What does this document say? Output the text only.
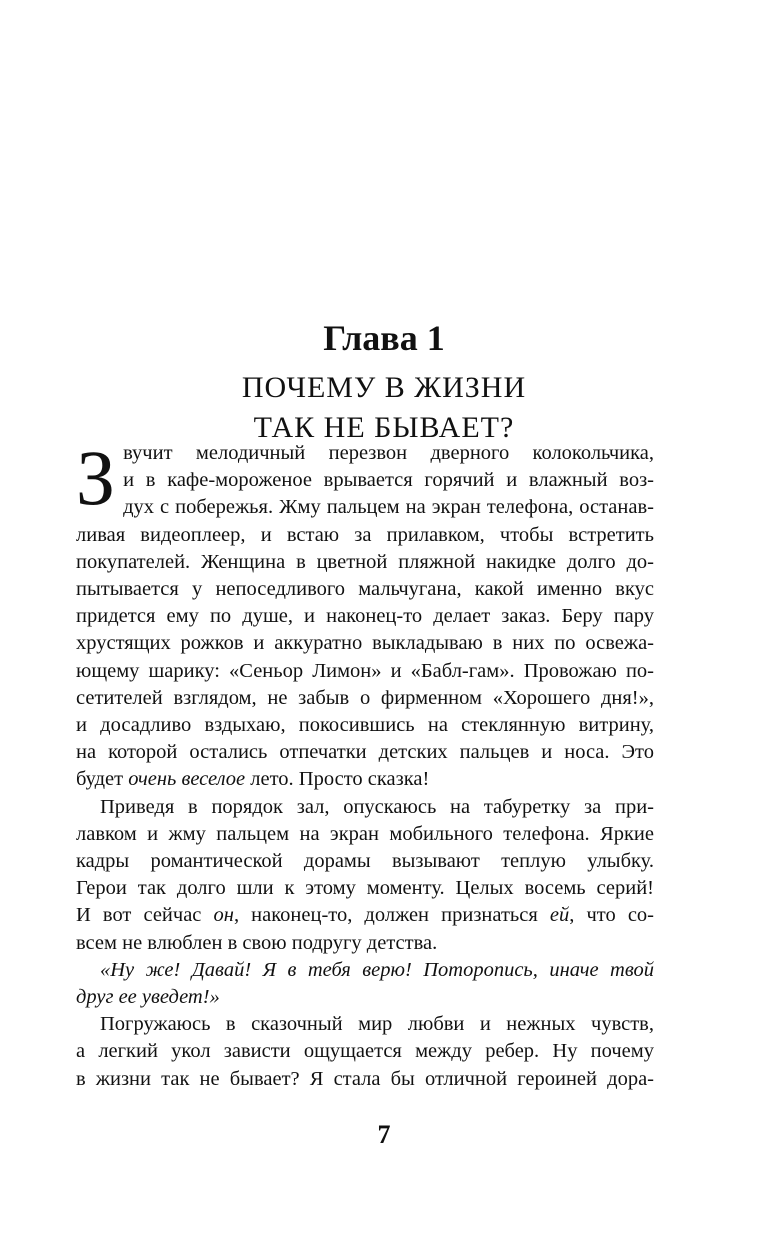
Глава 1
ПОЧЕМУ В ЖИЗНИ
ТАК НЕ БЫВАЕТ?

З вучит мелодичный перезвон дверного колокольчика,
и в кафе-мороженое врывается горячий и влажный воз-
дух с побережья. Жму пальцем на экран телефона, останав-
ливая видеоплеер, и встаю за прилавком, чтобы встретить
покупателей. Женщина в цветной пляжной накидке долго до-
пытывается у непоседливого мальчугана, какой именно вкус
придется ему по душе, и наконец-то делает заказ. Беру пару
хрустящих рожков и аккуратно выкладываю в них по освежа-
ющему шарику: «Сеньор Лимон» и «Бабл-гам». Провожаю по-
сетителей взглядом, не забыв о фирменном «Хорошего дня!»,
и досадливо вздыхаю, покосившись на стеклянную витрину,
на которой остались отпечатки детских пальцев и носа. Это
будет очень веселое лето. Просто сказка!

Приведя в порядок зал, опускаюсь на табуретку за при-
лавком и жму пальцем на экран мобильного телефона. Яркие
кадры романтической дорамы вызывают теплую улыбку.
Герои так долго шли к этому моменту. Целых восемь серий!
И вот сейчас он, наконец-то, должен признаться ей, что со-
всем не влюблен в свою подругу детства.

«Ну же! Давай! Я в тебя верю! Поторопись, иначе твой
друг ее уведет!»

Погружаюсь в сказочный мир любви и нежных чувств,
а легкий укол зависти ощущается между ребер. Ну почему
в жизни так не бывает? Я стала бы отличной героиней дора-

7
